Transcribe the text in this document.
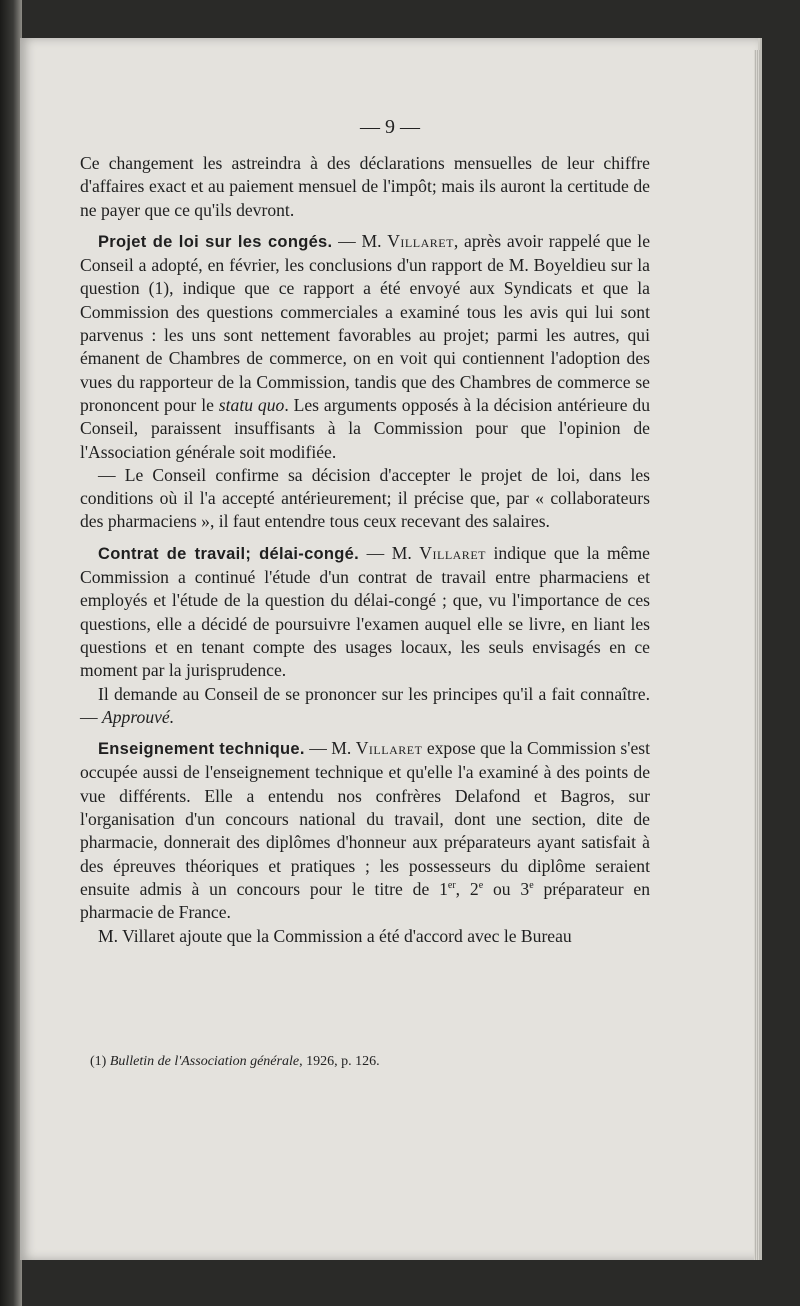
— 9 —

Ce changement les astreindra à des déclarations mensuelles de leur chiffre d'affaires exact et au paiement mensuel de l'impôt; mais ils auront la certitude de ne payer que ce qu'ils devront.

Projet de loi sur les congés. — M. Villaret, après avoir rappelé que le Conseil a adopté, en février, les conclusions d'un rapport de M. Boyeldieu sur la question (1), indique que ce rapport a été envoyé aux Syndicats et que la Commission des questions commerciales a examiné tous les avis qui lui sont parvenus : les uns sont nettement favorables au projet; parmi les autres, qui émanent de Chambres de commerce, on en voit qui contiennent l'adoption des vues du rapporteur de la Commission, tandis que des Chambres de commerce se prononcent pour le statu quo. Les arguments opposés à la décision antérieure du Conseil, paraissent insuffisants à la Commission pour que l'opinion de l'Association générale soit modifiée.

— Le Conseil confirme sa décision d'accepter le projet de loi, dans les conditions où il l'a accepté antérieurement; il précise que, par « collaborateurs des pharmaciens », il faut entendre tous ceux recevant des salaires.

Contrat de travail; délai-congé. — M. Villaret indique que la même Commission a continué l'étude d'un contrat de travail entre pharmaciens et employés et l'étude de la question du délai-congé ; que, vu l'importance de ces questions, elle a décidé de poursuivre l'examen auquel elle se livre, en liant les questions et en tenant compte des usages locaux, les seuls envisagés en ce moment par la jurisprudence.

Il demande au Conseil de se prononcer sur les principes qu'il a fait connaître. — Approuvé.

Enseignement technique. — M. Villaret expose que la Commission s'est occupée aussi de l'enseignement technique et qu'elle l'a examiné à des points de vue différents. Elle a entendu nos confrères Delafond et Bagros, sur l'organisation d'un concours national du travail, dont une section, dite de pharmacie, donnerait des diplômes d'honneur aux préparateurs ayant satisfait à des épreuves théoriques et pratiques ; les possesseurs du diplôme seraient ensuite admis à un concours pour le titre de 1er, 2e ou 3e préparateur en pharmacie de France.

M. Villaret ajoute que la Commission a été d'accord avec le Bureau

(1) Bulletin de l'Association générale, 1926, p. 126.
